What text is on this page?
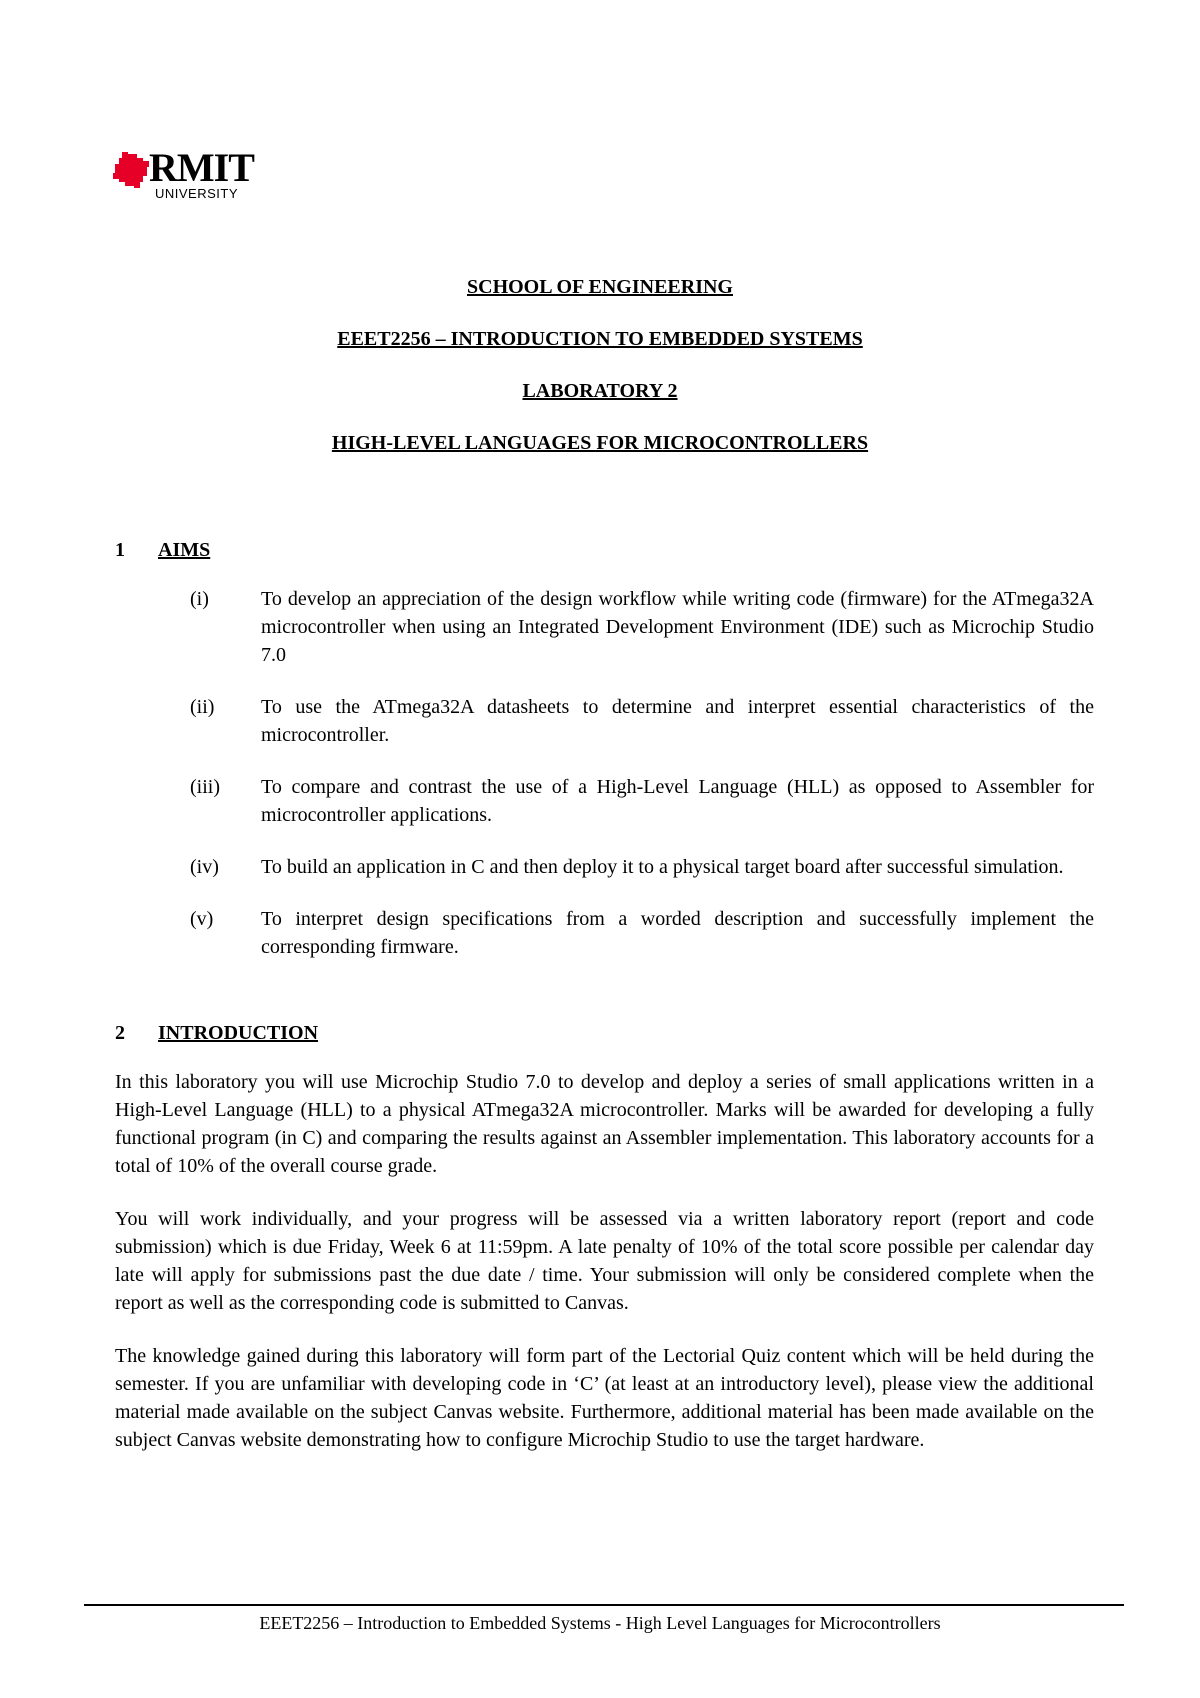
RMIT
UNIVERSITY
SCHOOL OF ENGINEERING
EEET2256 – INTRODUCTION TO EMBEDDED SYSTEMS
LABORATORY 2
HIGH-LEVEL LANGUAGES FOR MICROCONTROLLERS
1 AIMS
(i)	To develop an appreciation of the design workflow while writing code (firmware) for the ATmega32A microcontroller when using an Integrated Development Environment (IDE) such as Microchip Studio 7.0
(ii) To use the ATmega32A datasheets to determine and interpret essential characteristics of the microcontroller.
(iii) To compare and contrast the use of a High-Level Language (HLL) as opposed to Assembler for microcontroller applications.
(iv) To build an application in C and then deploy it to a physical target board after successful simulation.
(v) To interpret design specifications from a worded description and successfully implement the corresponding firmware.
2 INTRODUCTION

In this laboratory you will use Microchip Studio 7.0 to develop and deploy a series of small applications written in a High-Level Language (HLL) to a physical ATmega32A microcontroller. Marks will be awarded for developing a fully functional program (in C) and comparing the results against an Assembler implementation. This laboratory accounts for a total of 10% of the overall course grade.

You will work individually, and your progress will be assessed via a written laboratory report (report and code submission) which is due Friday, Week 6 at 11:59pm. A late penalty of 10% of the total score possible per calendar day late will apply for submissions past the due date / time. Your submission will only be considered complete when the report as well as the corresponding code is submitted to Canvas.

The knowledge gained during this laboratory will form part of the Lectorial Quiz content which will be held during the semester. If you are unfamiliar with developing code in ‘C’ (at least at an introductory level), please view the additional material made available on the subject Canvas website. Furthermore, additional material has been made available on the subject Canvas website demonstrating how to configure Microchip Studio to use the target hardware.

EEET2256 – Introduction to Embedded Systems - High Level Languages for Microcontrollers
